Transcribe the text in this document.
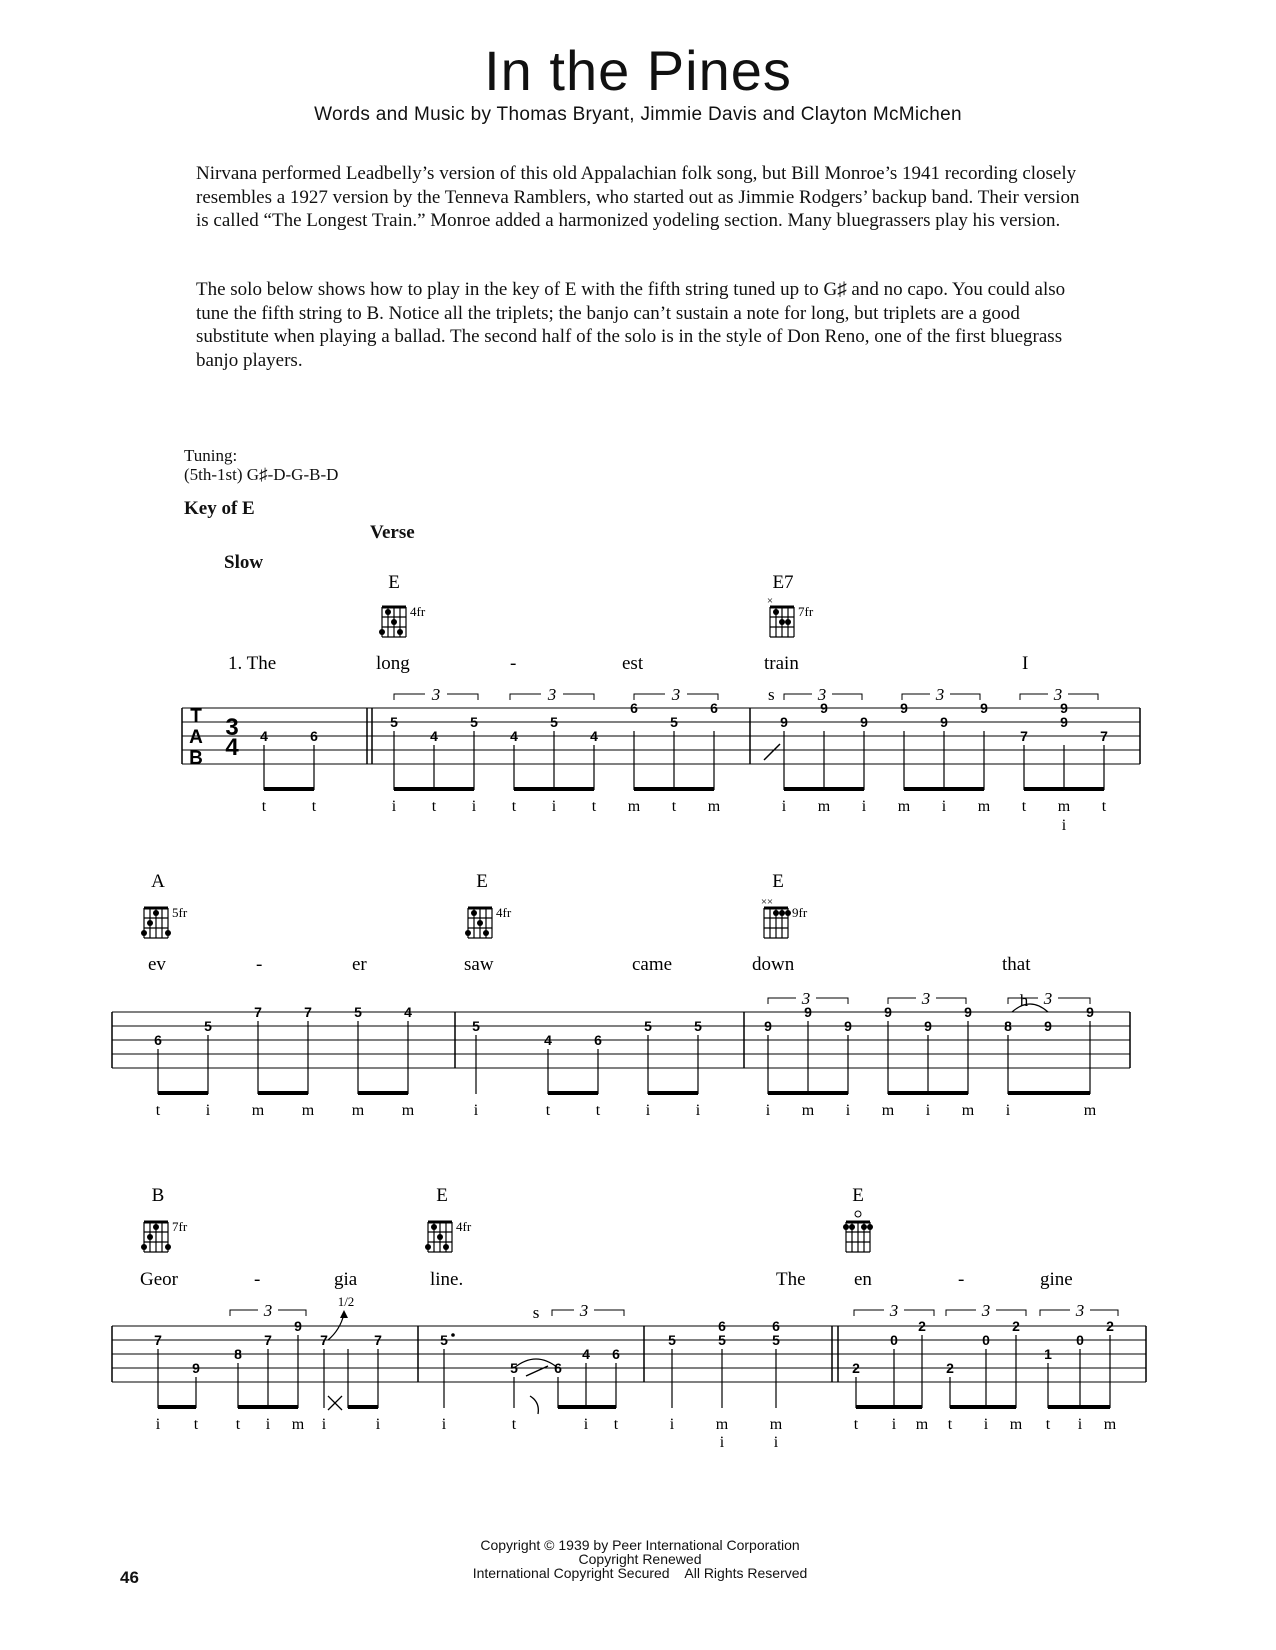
In the Pines
Words and Music by Thomas Bryant, Jimmie Davis and Clayton McMichen
Nirvana performed Leadbelly’s version of this old Appalachian folk song, but Bill Monroe’s 1941 recording closely resembles a 1927 version by the Tenneva Ramblers, who started out as Jimmie Rodgers’ backup band. Their version is called “The Longest Train.” Monroe added a harmonized yodeling section. Many bluegrassers play his version.
The solo below shows how to play in the key of E with the fifth string tuned up to G♯ and no capo. You could also tune the fifth string to B. Notice all the triplets; the banjo can’t sustain a note for long, but triplets are a good substitute when playing a ballad. The second half of the solo is in the style of Don Reno, one of the first bluegrass banjo players.
Tuning:
(5th-1st) G♯-D-G-B-D
Key of E
Verse
Slow
E
4fr
E7
×
7fr
1. The	long	-	est	train	I
T
A
B
3
4
s
3	3	3	3	3	3
4	6
5
4
5
4
5
4
6
5
6
9
9
9
9
9
9
7
9
9
7
t	t	i t i t i t m t m	i m i m i m t m t
i
A
5fr
E
4fr
E
× ×
9fr
ev	-	er	saw	came	down	that
3	3	3
h
6
5
7	7	5	4
5
4	6
5	5	9
9
9
9
9
9
8 9
9
t	i	m m m m	i	t	t	i	i	i m i m i m i	m
B
7fr
E
4fr
E
Geor	-	gia	line.	The	en	-	gine
3	3	3	3	3
s
1/2
7
9
8
7
9
7	7	5
5	6
4 6
5
6
5
6
5
2
0
2
2
0
2
1
0
2
i t t i m i	i	i	t	i t	i	m
i
m
i
t i m t i m t i m
Copyright © 1939 by Peer International Corporation
Copyright Renewed
International Copyright Secured    All Rights Reserved
46
